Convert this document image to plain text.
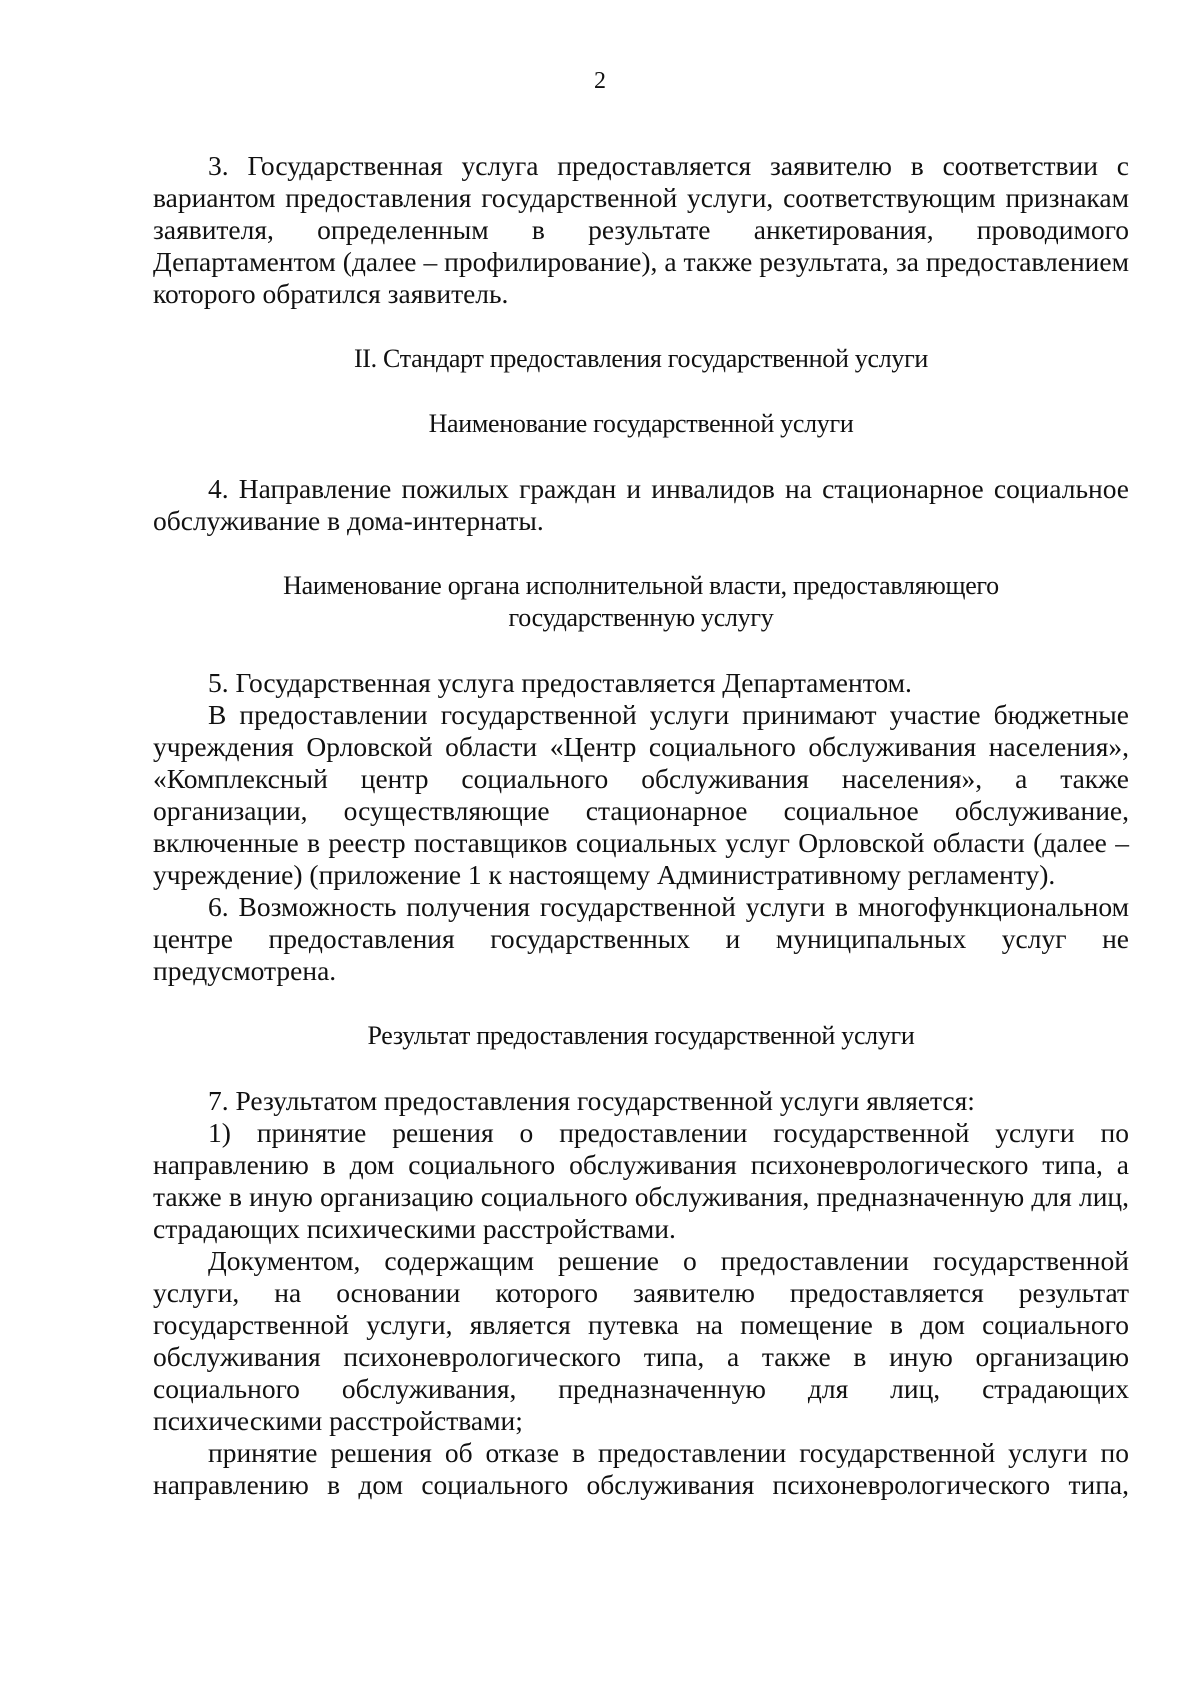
2

3. Государственная услуга предоставляется заявителю в соответствии с вариантом предоставления государственной услуги, соответствующим признакам заявителя, определенным в результате анкетирования, проводимого Департаментом (далее – профилирование), а также результата, за предоставлением которого обратился заявитель.

II. Стандарт предоставления государственной услуги

Наименование государственной услуги

4. Направление пожилых граждан и инвалидов на стационарное социальное обслуживание в дома-интернаты.

Наименование органа исполнительной власти, предоставляющего

государственную услугу

5. Государственная услуга предоставляется Департаментом.

В предоставлении государственной услуги принимают участие бюджетные учреждения Орловской области «Центр социального обслуживания населения», «Комплексный центр социального обслуживания населения», а также организации, осуществляющие стационарное социальное обслуживание, включенные в реестр поставщиков социальных услуг Орловской области (далее – учреждение) (приложение 1 к настоящему Административному регламенту).

6. Возможность получения государственной услуги в многофункциональном центре предоставления государственных и муниципальных услуг не предусмотрена.

Результат предоставления государственной услуги

7. Результатом предоставления государственной услуги является:

1) принятие решения о предоставлении государственной услуги по направлению в дом социального обслуживания психоневрологического типа, а также в иную организацию социального обслуживания, предназначенную для лиц, страдающих психическими расстройствами.

Документом, содержащим решение о предоставлении государственной услуги, на основании которого заявителю предоставляется результат государственной услуги, является путевка на помещение в дом социального обслуживания психоневрологического типа, а также в иную организацию социального обслуживания, предназначенную для лиц, страдающих психическими расстройствами;

принятие решения об отказе в предоставлении государственной услуги по направлению в дом социального обслуживания психоневрологического типа,
